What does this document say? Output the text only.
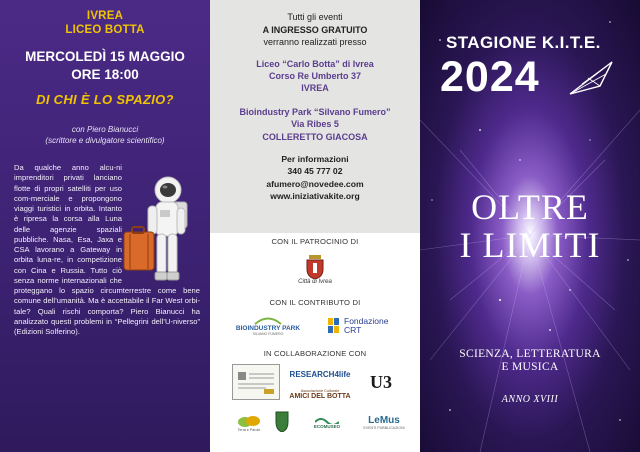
IVREA
LICEO BOTTA
MERCOLEDÌ 15 MAGGIO
ORE 18:00
DI CHI È LO SPAZIO?
con Piero Bianucci
(scrittore e divulgatore scientifico)
Da qualche anno alcu-ni imprenditori privati lanciano flotte di propri satelliti per uso com-merciale e propongono viaggi turistici in orbita. Intanto è ripresa la corsa alla Luna delle agenzie spaziali pubbliche. Nasa, Esa, Jaxa e CSA lavorano a Gateway in orbita luna-re, in competizione con Cina e Russia. Tutto ciò senza norme internazionali che proteggano lo spazio circumterrestre come bene comune dell’umanità. Ma è accettabile il Far West orbi-tale? Quali rischi comporta? Piero Bianucci ha analizzato questi problemi in “Pellegrini dell’U-niverso” (Edizioni Solferino).
Tutti gli eventi
A INGRESSO GRATUITO
verranno realizzati presso
Liceo “Carlo Botta” di Ivrea
Corso Re Umberto 37
IVREA
Bioindustry Park “Silvano Fumero”
Via Ribes 5
COLLERETTO GIACOSA
Per informazioni
340 45 777 02
afumero@novedee.com
www.iniziativakite.org
CON IL PATROCINIO DI
Città di Ivrea
CON IL CONTRIBUTO DI
BIOINDUSTRY PARK
SILVANO FUMERO
Fondazione
CRT
IN COLLABORAZIONE CON
RESEARCH4life U3
Associazione Culturale
AMICI DEL BOTTA
Terra e Parole
ECOMUSEO
LeMus
EVENTI PUBBLICAZIONI
STAGIONE K.I.T.E.
2024
OLTRE
I LIMITI
SCIENZA, LETTERATURA
E MUSICA
ANNO XVIII
